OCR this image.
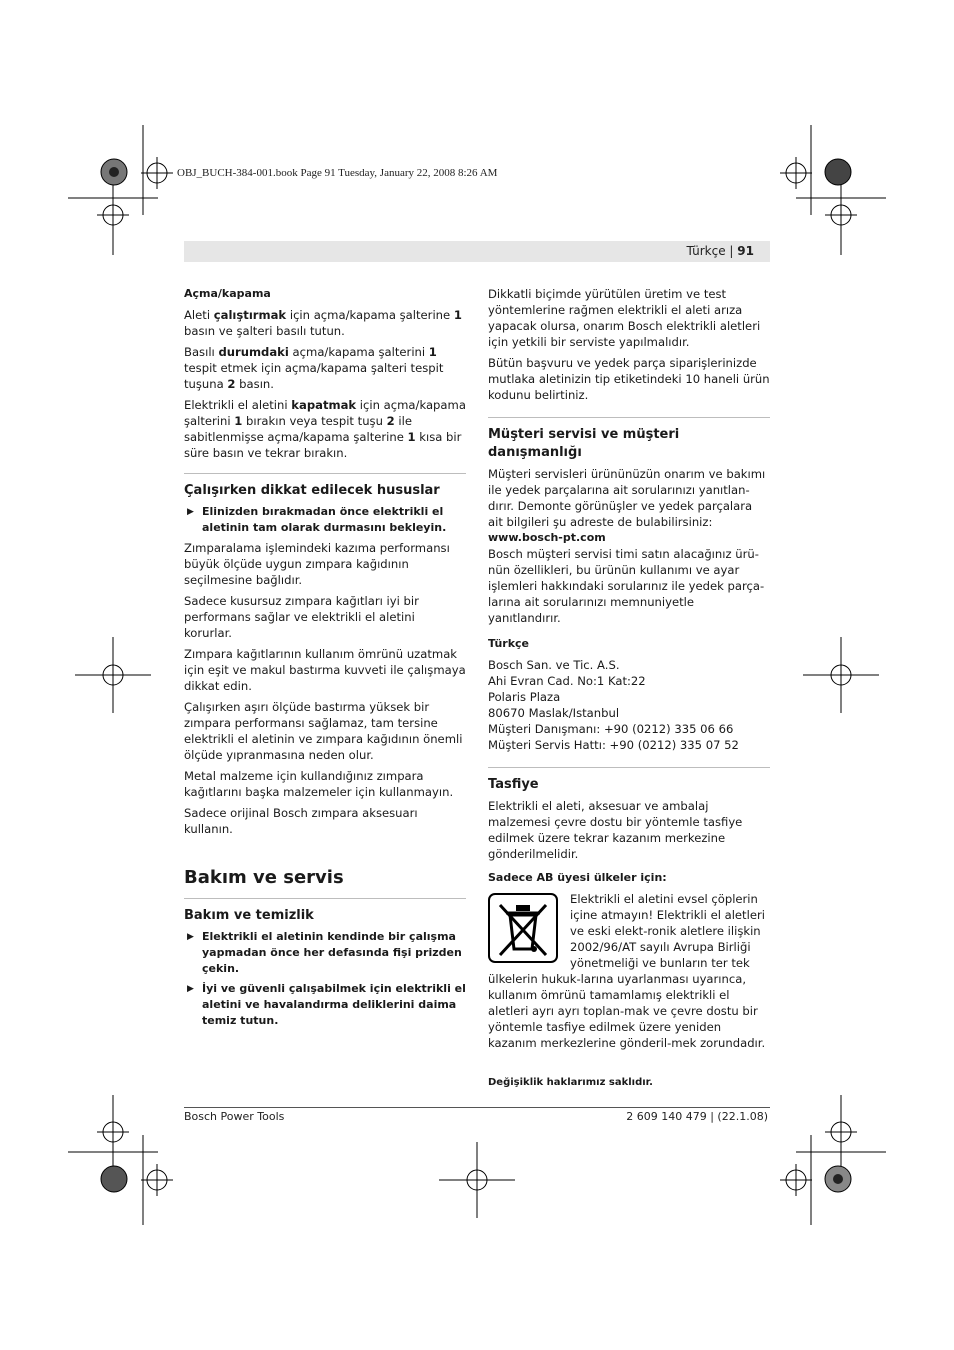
OBJ_BUCH-384-001.book Page 91 Tuesday, January 22, 2008 8:26 AM
Türkçe | 91
Açma/kapama

Aleti çalıştırmak için açma/kapama şalterine 1 basın ve şalteri basılı tutun.

Basılı durumdaki açma/kapama şalterini 1 tespit etmek için açma/kapama şalteri tespit tuşuna 2 basın.

Elektrikli el aletini kapatmak için açma/kapama şalterini 1 bırakın veya tespit tuşu 2 ile sabitlenmişse açma/kapama şalterine 1 kısa bir süre basın ve tekrar bırakın.

Çalışırken dikkat edilecek hususlar
▶ Elinizden bırakmadan önce elektrikli el aletinin tam olarak durmasını bekleyin.

Zımparalama işlemindeki kazıma performansı büyük ölçüde uygun zımpara kağıdının seçilmesine bağlıdır.

Sadece kusursuz zımpara kağıtları iyi bir performans sağlar ve elektrikli el aletini korurlar.

Zımpara kağıtlarının kullanım ömrünü uzatmak için eşit ve makul bastırma kuvveti ile çalışmaya dikkat edin.

Çalışırken aşırı ölçüde bastırma yüksek bir zımpara performansı sağlamaz, tam tersine elektrikli el aletinin ve zımpara kağıdının önemli ölçüde yıpranmasına neden olur.

Metal malzeme için kullandığınız zımpara kağıtlarını başka malzemeler için kullanmayın.

Sadece orijinal Bosch zımpara aksesuarı kullanın.

Bakım ve servis
Bakım ve temizlik
▶ Elektrikli el aletinin kendinde bir çalışma yapmadan önce her defasında fişi prizden çekin.
▶ İyi ve güvenli çalışabilmek için elektrikli el aletini ve havalandırma deliklerini daima temiz tutun.

Dikkatli biçimde yürütülen üretim ve test yöntemlerine rağmen elektrikli el aleti arıza yapacak olursa, onarım Bosch elektrikli aletleri için yetkili bir serviste yapılmalıdır.

Bütün başvuru ve yedek parça siparişlerinizde mutlaka aletinizin tip etiketindeki 10 haneli ürün kodunu belirtiniz.

Müşteri servisi ve müşteri danışmanlığı

Müşteri servisleri ürününüzün onarım ve bakımı ile yedek parçalarına ait sorularınızı yanıtlan-dırır. Demonte görünüşler ve yedek parçalara ait bilgileri şu adreste de bulabilirsiniz:

www.bosch-pt.com

Bosch müşteri servisi timi satın alacağınız ürü-nün özellikleri, bu ürünün kullanımı ve ayar işlemleri hakkındaki sorularınız ile yedek parça-larına ait sorularınızı memnuniyetle yanıtlandırır.

Türkçe
Bosch San. ve Tic. A.S.
Ahi Evran Cad. No:1 Kat:22
Polaris Plaza
80670 Maslak/Istanbul
Müşteri Danışmanı: +90 (0212) 335 06 66
Müşteri Servis Hattı: +90 (0212) 335 07 52
Tasfiye

Elektrikli el aleti, aksesuar ve ambalaj malzemesi çevre dostu bir yöntemle tasfiye edilmek üzere tekrar kazanım merkezine gönderilmelidir.

Sadece AB üyesi ülkeler için:

Elektrikli el aletini evsel çöplerin içine atmayın! Elektrikli el aletleri ve eski elekt-ronik aletlere ilişkin 2002/96/AT sayılı Avrupa Birliği yönetmeliği ve bunların ter tek ülkelerin hukuk-larına uyarlanması uyarınca, kullanım ömrünü tamamlamış elektrikli el aletleri ayrı ayrı toplan-mak ve çevre dostu bir yöntemle tasfiye edilmek üzere yeniden kazanım merkezlerine gönderil-mek zorundadır.

Değişiklik haklarımız saklıdır.
Bosch Power Tools	2 609 140 479 | (22.1.08)
